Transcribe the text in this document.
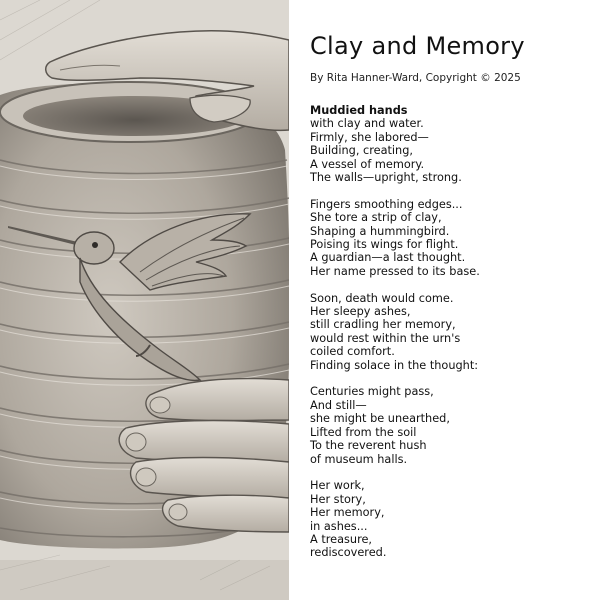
Clay and Memory
By Rita Hanner-Ward, Copyright © 2025
Muddied hands
with clay and water.
Firmly, she labored—
Building, creating,
A vessel of memory.
The walls—upright, strong.
Fingers smoothing edges...
She tore a strip of clay,
Shaping a hummingbird.
Poising its wings for flight.
A guardian—a last thought.
Her name pressed to its base.
Soon, death would come.
Her sleepy ashes,
still cradling her memory,
would rest within the urn's
coiled comfort.
Finding solace in the thought:
Centuries might pass,
And still—
she might be unearthed,
Lifted from the soil
To the reverent hush
of museum halls.
Her work,
Her story,
Her memory,
in ashes...
A treasure,
rediscovered.
